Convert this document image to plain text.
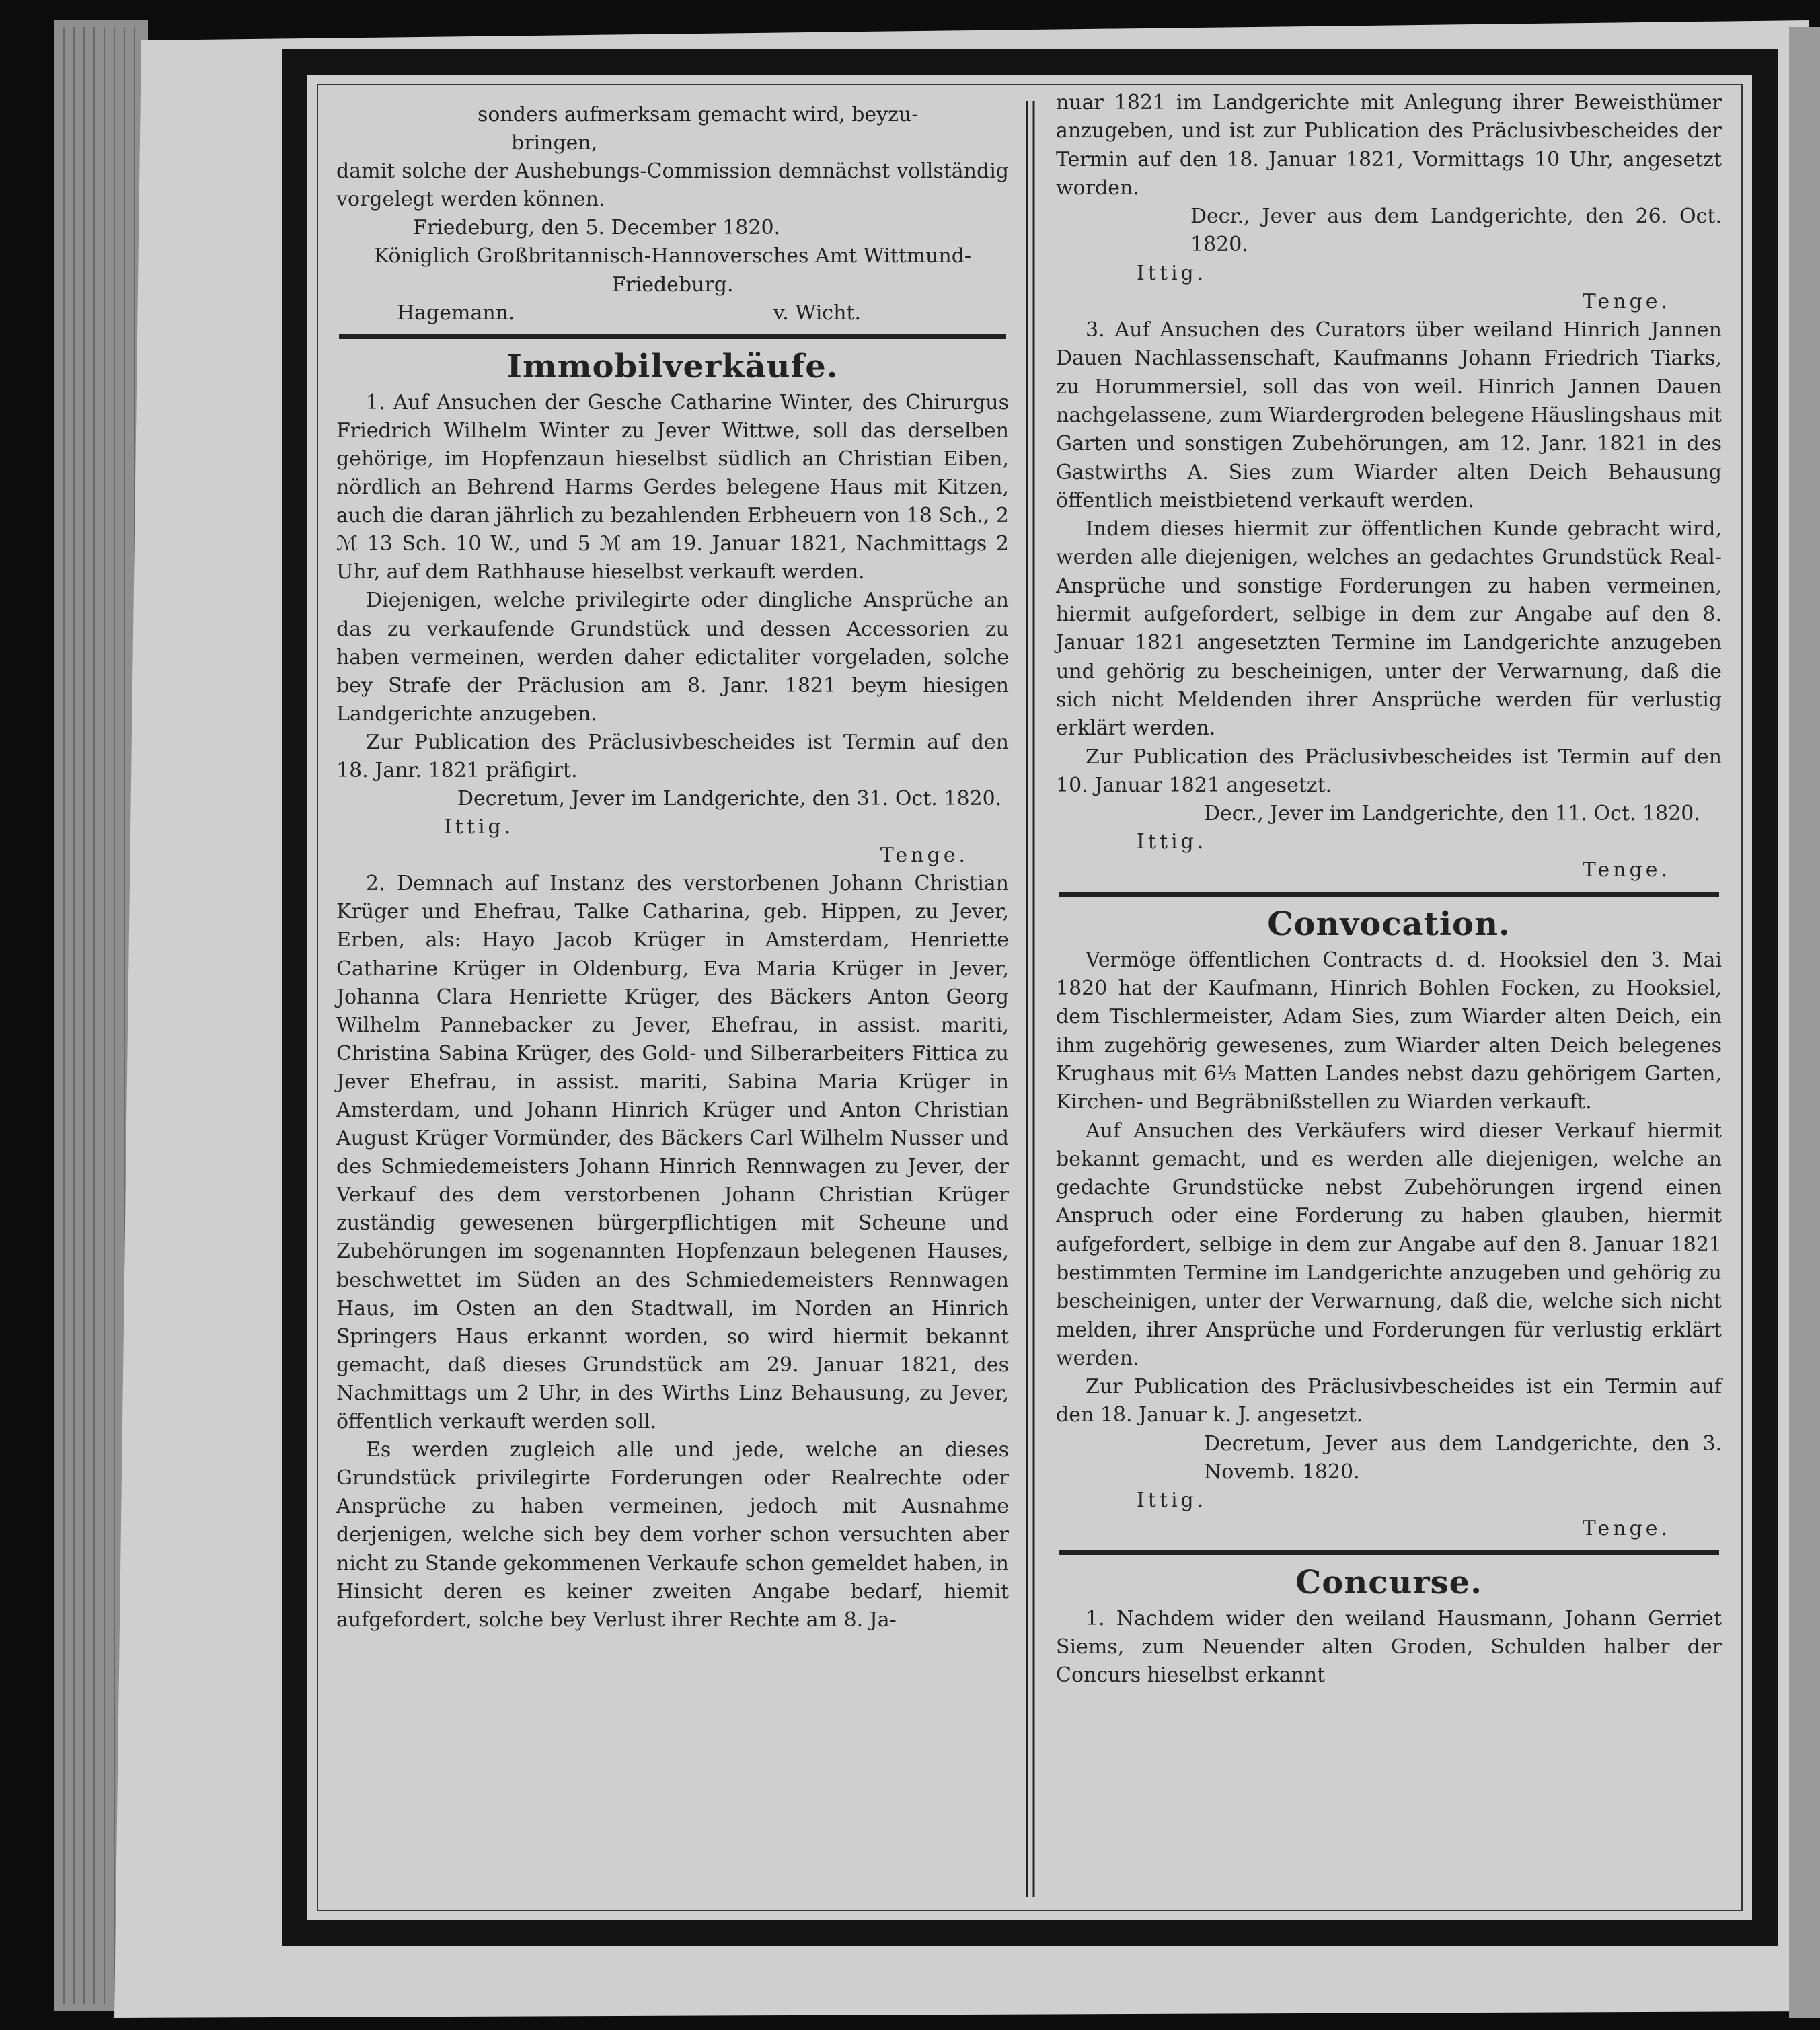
sonders aufmerksam gemacht wird, beyzu-

bringen,

damit solche der Aushebungs-Commission demnächst vollständig vorgelegt werden können.

Friedeburg, den 5. December 1820.

Königlich Großbritannisch-Hannoversches Amt Wittmund-Friedeburg.

Hagemann.	v. Wicht.

Immobilverkäufe.

1. Auf Ansuchen der Gesche Catharine Winter, des Chirurgus Friedrich Wilhelm Winter zu Jever Wittwe, soll das derselben gehörige, im Hopfenzaun hieselbst südlich an Christian Eiben, nördlich an Behrend Harms Gerdes belegene Haus mit Kitzen, auch die daran jährlich zu bezahlenden Erbheuern von 18 Sch., 2 ℳ 13 Sch. 10 W., und 5 ℳ am 19. Januar 1821, Nachmittags 2 Uhr, auf dem Rathhause hieselbst verkauft werden.

Diejenigen, welche privilegirte oder dingliche Ansprüche an das zu verkaufende Grundstück und dessen Accessorien zu haben vermeinen, werden daher edictaliter vorgeladen, solche bey Strafe der Präclusion am 8. Janr. 1821 beym hiesigen Landgerichte anzugeben.

Zur Publication des Präclusivbescheides ist Termin auf den 18. Janr. 1821 präfigirt.

Decretum, Jever im Landgerichte, den 31. Oct. 1820.

Ittig.
Tenge.

2. Demnach auf Instanz des verstorbenen Johann Christian Krüger und Ehefrau, Talke Catharina, geb. Hippen, zu Jever, Erben, als: Hayo Jacob Krüger in Amsterdam, Henriette Catharine Krüger in Oldenburg, Eva Maria Krüger in Jever, Johanna Clara Henriette Krüger, des Bäckers Anton Georg Wilhelm Pannebacker zu Jever, Ehefrau, in assist. mariti, Christina Sabina Krüger, des Gold- und Silberarbeiters Fittica zu Jever Ehefrau, in assist. mariti, Sabina Maria Krüger in Amsterdam, und Johann Hinrich Krüger und Anton Christian August Krüger Vormünder, des Bäckers Carl Wilhelm Nusser und des Schmiedemeisters Johann Hinrich Rennwagen zu Jever, der Verkauf des dem verstorbenen Johann Christian Krüger zuständig gewesenen bürgerpflichtigen mit Scheune und Zubehörungen im sogenannten Hopfenzaun belegenen Hauses, beschwettet im Süden an des Schmiedemeisters Rennwagen Haus, im Osten an den Stadtwall, im Norden an Hinrich Springers Haus erkannt worden, so wird hiermit bekannt gemacht, daß dieses Grundstück am 29. Januar 1821, des Nachmittags um 2 Uhr, in des Wirths Linz Behausung, zu Jever, öffentlich verkauft werden soll.

Es werden zugleich alle und jede, welche an dieses Grundstück privilegirte Forderungen oder Realrechte oder Ansprüche zu haben vermeinen, jedoch mit Ausnahme derjenigen, welche sich bey dem vorher schon versuchten aber nicht zu Stande gekommenen Verkaufe schon gemeldet haben, in Hinsicht deren es keiner zweiten Angabe bedarf, hiemit aufgefordert, solche bey Verlust ihrer Rechte am 8. Ja-

nuar 1821 im Landgerichte mit Anlegung ihrer Beweisthümer anzugeben, und ist zur Publication des Präclusivbescheides der Termin auf den 18. Januar 1821, Vormittags 10 Uhr, angesetzt worden.

Decr., Jever aus dem Landgerichte, den 26. Oct. 1820.

Ittig.
Tenge.

3. Auf Ansuchen des Curators über weiland Hinrich Jannen Dauen Nachlassenschaft, Kaufmanns Johann Friedrich Tiarks, zu Horummersiel, soll das von weil. Hinrich Jannen Dauen nachgelassene, zum Wiardergroden belegene Häuslingshaus mit Garten und sonstigen Zubehörungen, am 12. Janr. 1821 in des Gastwirths A. Sies zum Wiarder alten Deich Behausung öffentlich meistbietend verkauft werden.

Indem dieses hiermit zur öffentlichen Kunde gebracht wird, werden alle diejenigen, welches an gedachtes Grundstück Real-Ansprüche und sonstige Forderungen zu haben vermeinen, hiermit aufgefordert, selbige in dem zur Angabe auf den 8. Januar 1821 angesetzten Termine im Landgerichte anzugeben und gehörig zu bescheinigen, unter der Verwarnung, daß die sich nicht Meldenden ihrer Ansprüche werden für verlustig erklärt werden.

Zur Publication des Präclusivbescheides ist Termin auf den 10. Januar 1821 angesetzt.

Decr., Jever im Landgerichte, den 11. Oct. 1820.

Ittig.
Tenge.

Convocation.

Vermöge öffentlichen Contracts d. d. Hooksiel den 3. Mai 1820 hat der Kaufmann, Hinrich Bohlen Focken, zu Hooksiel, dem Tischlermeister, Adam Sies, zum Wiarder alten Deich, ein ihm zugehörig gewesenes, zum Wiarder alten Deich belegenes Krughaus mit 6⅓ Matten Landes nebst dazu gehörigem Garten, Kirchen- und Begräbnißstellen zu Wiarden verkauft.

Auf Ansuchen des Verkäufers wird dieser Verkauf hiermit bekannt gemacht, und es werden alle diejenigen, welche an gedachte Grundstücke nebst Zubehörungen irgend einen Anspruch oder eine Forderung zu haben glauben, hiermit aufgefordert, selbige in dem zur Angabe auf den 8. Januar 1821 bestimmten Termine im Landgerichte anzugeben und gehörig zu bescheinigen, unter der Verwarnung, daß die, welche sich nicht melden, ihrer Ansprüche und Forderungen für verlustig erklärt werden.

Zur Publication des Präclusivbescheides ist ein Termin auf den 18. Januar k. J. angesetzt.

Decretum, Jever aus dem Landgerichte, den 3. Novemb. 1820.

Ittig.
Tenge.

Concurse.

1. Nachdem wider den weiland Hausmann, Johann Gerriet Siems, zum Neuender alten Groden, Schulden halber der Concurs hieselbst erkannt
